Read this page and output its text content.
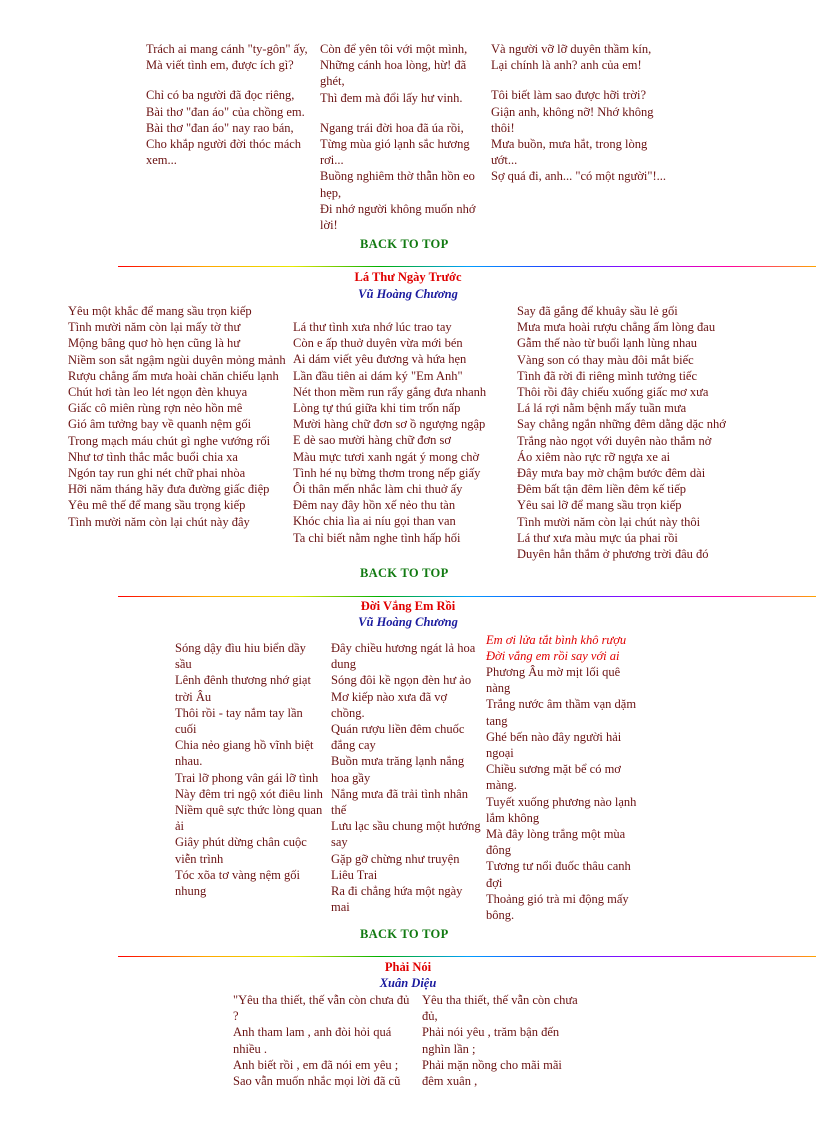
Trách ai mang cánh "ty-gôn" ấy,
Mà viết tình em, được ích gì?
Chỉ có ba người đã đọc riêng,
Bài thơ "đan áo" của chồng em.
Bài thơ "đan áo" nay rao bán,
Cho khắp người đời thóc mách xem...
Còn để yên tôi với một mình,
Những cánh hoa lòng, hừ! đã ghét,
Thì đem mà đổi lấy hư vinh.
Ngang trái đời hoa đã úa rồi,
Từng mùa gió lạnh sắc hương rơi...
Buồng nghiêm thờ thẫn hồn eo hẹp,
Đi nhớ người không muốn nhớ lời!
Và người vỡ lỡ duyên thầm kín,
Lại chính là anh? anh của em!
Tôi biết làm sao được hỡi trời?
Giận anh, không nỡ! Nhớ không thôi!
Mưa buồn, mưa hắt, trong lòng ướt...
Sợ quá đi, anh... "có một người"!...
BACK TO TOP
Lá Thư Ngày Trước
Vũ Hoàng Chương
Yêu một khắc để mang sầu trọn kiếp
Tình mười năm còn lại mấy tờ thư
Mộng bâng quơ hò hẹn cũng là hư
Niềm son sắt ngậm ngùi duyên mỏng mảnh
Rượu chẳng ấm mưa hoài chăn chiếu lạnh
Chút hơi tàn leo lét ngọn đèn khuya
Giấc cô miên rùng rợn nẻo hồn mê
Gió âm tưởng bay về quanh nệm gối
Trong mạch máu chút gì nghe vướng rối
Như tơ tình thắc mắc buổi chia xa
Ngón tay run ghi nét chữ phai nhòa
Hỡi năm tháng hãy đưa đường giấc điệp
Yêu mê thế để mang sầu trọng kiếp
Tình mười năm còn lại chút này đây
Lá thư tình xưa nhớ lúc trao tay
Còn e ấp thuở duyên vừa mới bén
Ai dám viết yêu đương và hứa hẹn
Lần đầu tiên ai dám ký "Em Anh"
Nét thon mềm run rẩy gắng đưa nhanh
Lòng tự thú giữa khi tim trốn nấp
Mười hàng chữ đơn sơ ồ ngượng ngập
E dè sao mười hàng chữ đơn sơ
Màu mực tươi xanh ngát ý mong chờ
Tình hé nụ bừng thơm trong nếp giấy
Ôi thân mến nhắc làm chi thuở ấy
Đêm nay đây hồn xế nẻo thu tàn
Khóc chia lìa ai níu gọi than van
Ta chỉ biết nằm nghe tình hấp hối
Say đã gắng để khuây sầu lẻ gối
Mưa mưa hoài rượu chẳng ấm lòng đau
Gẫm thế nào từ buổi lạnh lùng nhau
Vàng son có thay màu đôi mắt biếc
Tình đã rời đi riêng mình tưởng tiếc
Thôi rồi đây chiếu xuống giấc mơ xưa
Lá lá rợi nằm bệnh mấy tuần mưa
Say chẳng ngắn những đêm dằng dặc nhớ
Trắng nào ngọt với duyên nào thắm nở
Áo xiêm nào rực rỡ ngựa xe ai
Đây mưa bay mờ chậm bước đêm dài
Đêm bất tận đêm liền đêm kế tiếp
Yêu sai lỡ để mang sầu trọn kiếp
Tình mười năm còn lại chút này thôi
Lá thư xưa màu mực úa phai rồi
Duyên hẳn thắm ở phương trời đâu đó
BACK TO TOP
Đời Vắng Em Rồi
Vũ Hoàng Chương
Sóng dậy đìu hiu biển dầy sầu
Lênh đênh thương nhớ giạt trời Âu
Thôi rồi - tay nắm tay lần cuối
Chia nẻo giang hồ vĩnh biệt nhau.
Trai lỡ phong vân gái lỡ tình
Này đêm tri ngộ xót điêu linh
Niềm quê sực thức lòng quan ải
Giây phút dừng chân cuộc viễn trình
Tóc xõa tơ vàng nệm gối nhung
Đây chiều hương ngát lả hoa dung
Sóng đôi kề ngọn đèn hư ảo
Mơ kiếp nào xưa đã vợ chồng.
Quán rượu liền đêm chuốc đắng cay
Buồn mưa trăng lạnh nắng hoa gầy
Nắng mưa đã trải tình nhân thế
Lưu lạc sầu chung một hướng say
Gặp gỡ chừng như truyện Liêu Trai
Ra đi chẳng hứa một ngày mai
Em ơi lửa tắt bình khô rượu
Đời vắng em rồi say với ai
Phương Âu mờ mịt lối quê nàng
Trắng nước âm thầm vạn dặm tang
Ghé bến nào đây người hải ngoại
Chiều sương mặt bể có mơ màng.
Tuyết xuống phương nào lạnh lắm không
Mà đây lòng trắng một mùa đông
Tương tư nổi đuốc thâu canh đợi
Thoảng gió trà mi động mấy bông.
BACK TO TOP
Phải Nói
Xuân Diệu
"Yêu tha thiết, thế vẫn còn chưa đủ ?
Anh tham lam , anh đòi hỏi quá nhiều .
Anh biết rồi , em đã nói em yêu ;
Sao vẫn muốn nhắc mọi lời đã cũ
Yêu tha thiết, thế vẫn còn chưa đủ,
Phải nói yêu , trăm bận đến nghìn lần ;
Phải mặn nồng cho mãi mãi đêm xuân ,
